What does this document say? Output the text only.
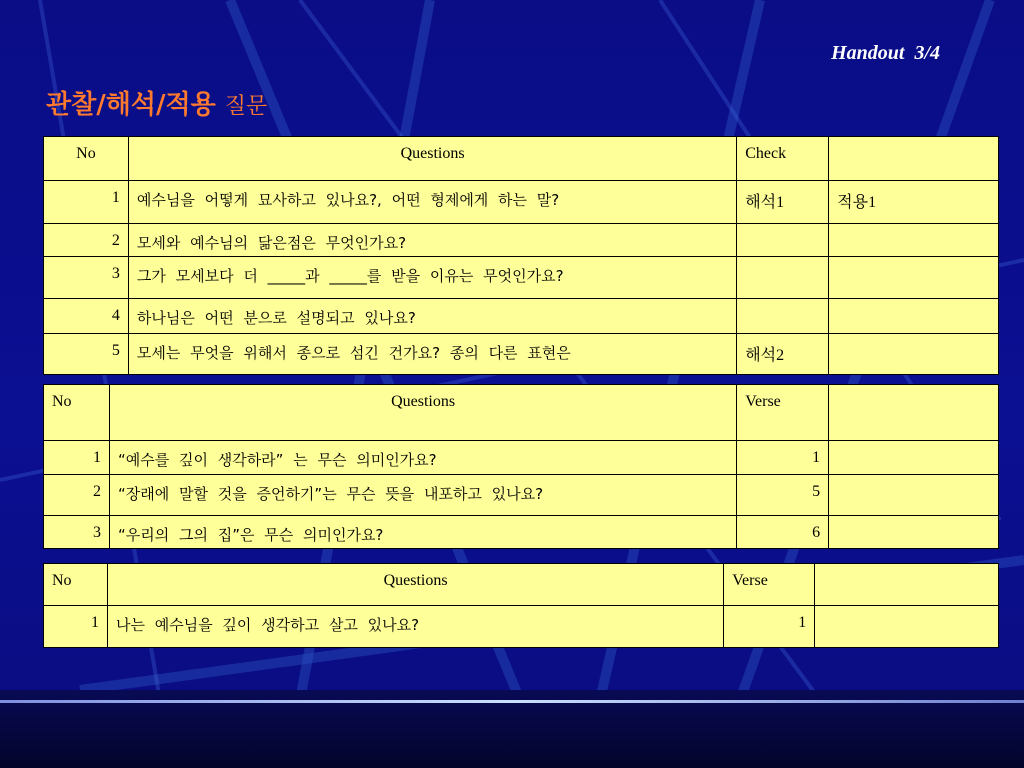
Handout  3/4
관찰/해석/적용 질문
No	Questions	Check	
1	예수님을 어떻게 묘사하고 있나요?, 어떤 형제에게 하는 말?	해석1	적용1
2	모세와 예수님의 닮은점은 무엇인가요?		
3	그가 모세보다 더 _____과 _____를 받을 이유는 무엇인가요?		
4	하나님은 어떤 분으로 설명되고 있나요?		
5	모세는 무엇을 위해서 종으로 섬긴 건가요? 종의 다른 표현은	해석2	
No	Questions	Verse	
1	“예수를 깊이 생각하라” 는 무슨 의미인가요?	1	
2	“장래에 말할 것을 증언하기”는 무슨 뜻을 내포하고 있나요?	5	
3	“우리의 그의 집”은 무슨 의미인가요?	6	
No	Questions	Verse	
1	나는 예수님을 깊이 생각하고 살고 있나요?	1	
